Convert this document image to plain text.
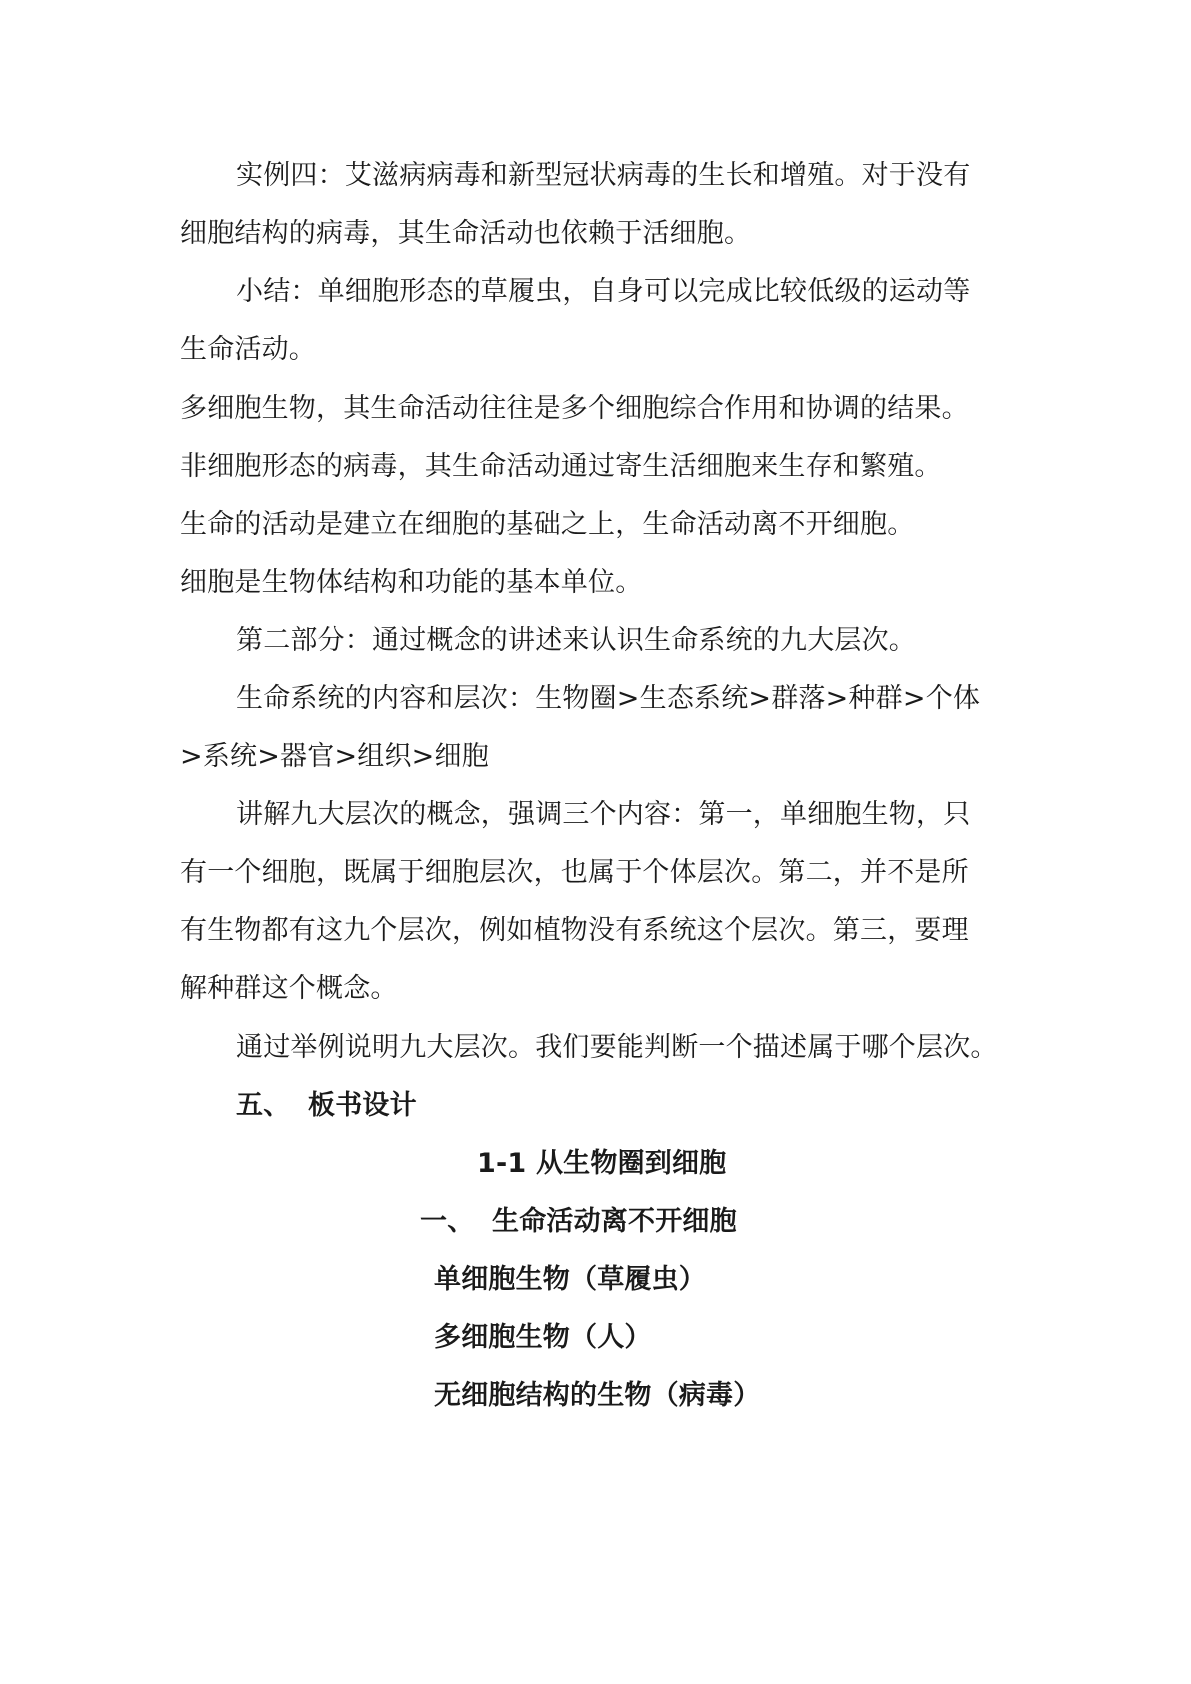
实例四：艾滋病病毒和新型冠状病毒的生长和增殖。对于没有
细胞结构的病毒，其生命活动也依赖于活细胞。
小结：单细胞形态的草履虫，自身可以完成比较低级的运动等
生命活动。
多细胞生物，其生命活动往往是多个细胞综合作用和协调的结果。
非细胞形态的病毒，其生命活动通过寄生活细胞来生存和繁殖。
生命的活动是建立在细胞的基础之上，生命活动离不开细胞。
细胞是生物体结构和功能的基本单位。
第二部分：通过概念的讲述来认识生命系统的九大层次。
生命系统的内容和层次：生物圈>生态系统>群落>种群>个体
>系统>器官>组织>细胞
讲解九大层次的概念，强调三个内容：第一，单细胞生物，只
有一个细胞，既属于细胞层次，也属于个体层次。第二，并不是所
有生物都有这九个层次，例如植物没有系统这个层次。第三，要理
解种群这个概念。
通过举例说明九大层次。我们要能判断一个描述属于哪个层次。
五、 板书设计
1-1 从生物圈到细胞
一、 生命活动离不开细胞
单细胞生物（草履虫）
多细胞生物（人）
无细胞结构的生物（病毒）
